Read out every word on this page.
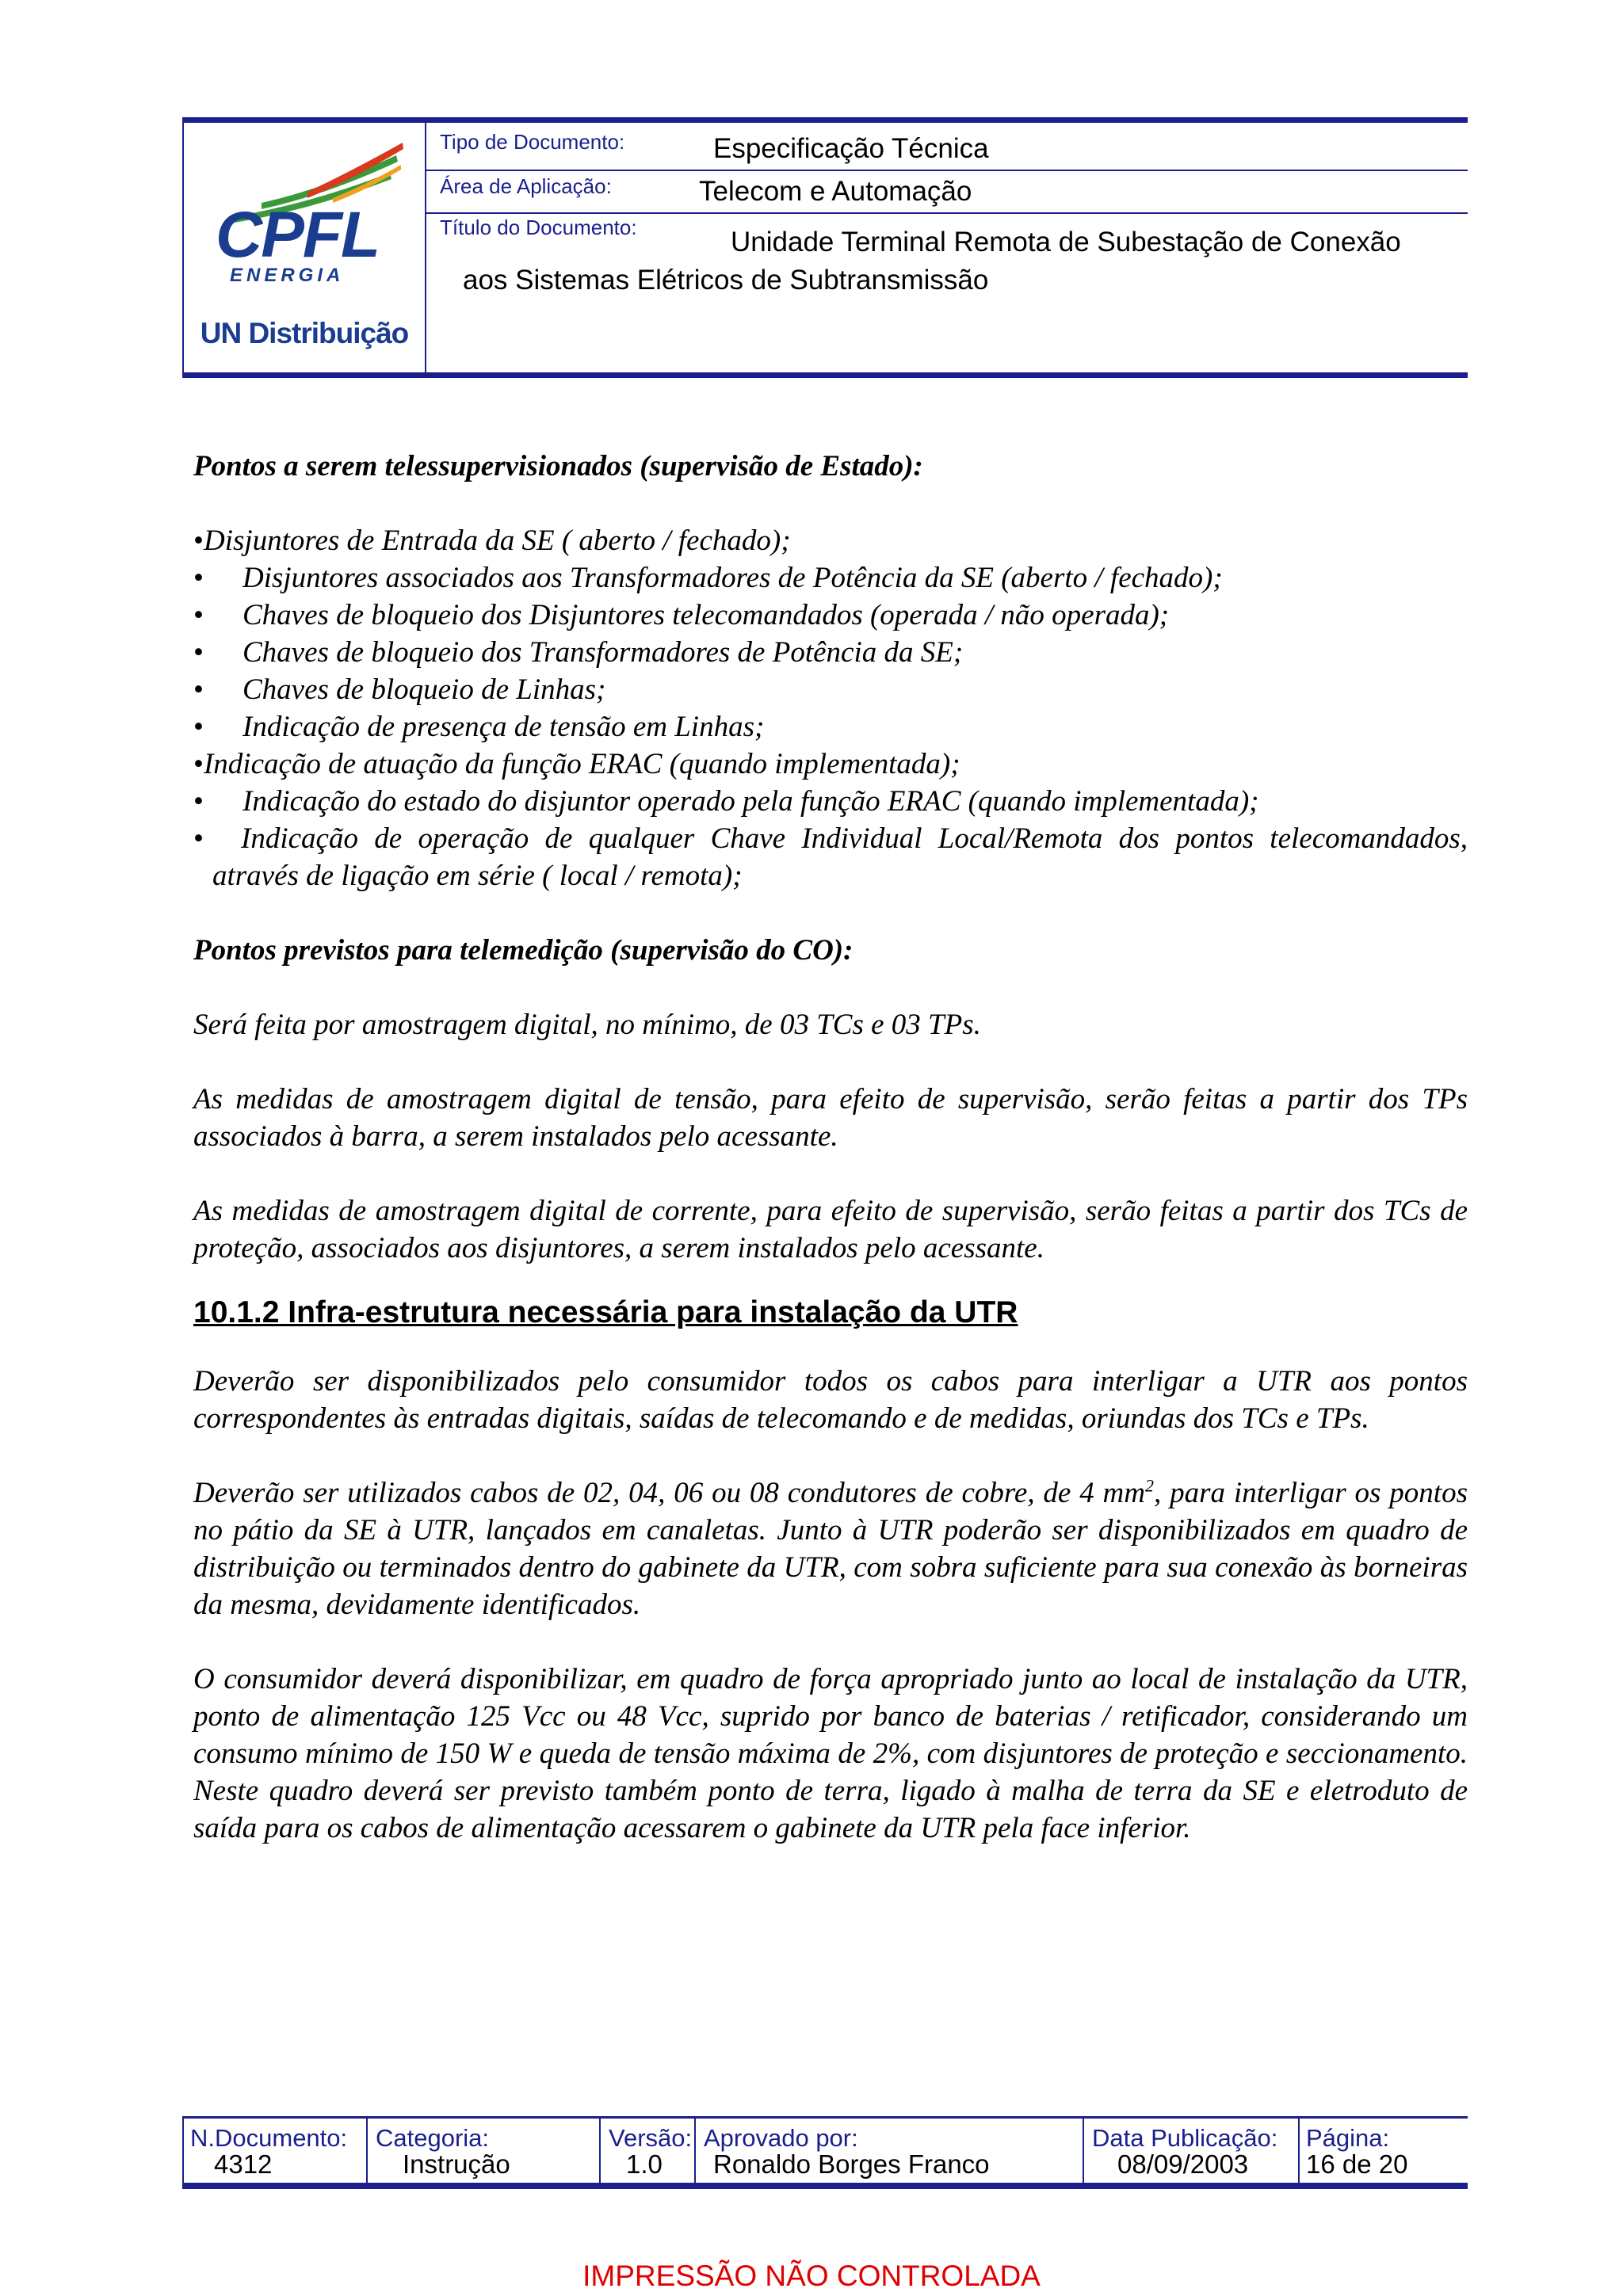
CPFL
ENERGIA
UN Distribuição
Tipo de Documento:	Especificação Técnica
Área de Aplicação:	Telecom e Automação
Título do Documento:	Unidade Terminal Remota de Subestação de Conexão
aos Sistemas Elétricos de Subtransmissão

Pontos a serem telessupervisionados (supervisão de Estado):

•Disjuntores de Entrada da SE ( aberto / fechado);
• Disjuntores associados aos Transformadores de Potência da SE (aberto / fechado);
• Chaves de bloqueio dos Disjuntores telecomandados (operada / não operada);
• Chaves de bloqueio dos Transformadores de Potência da SE;
• Chaves de bloqueio de Linhas;
• Indicação de presença de tensão em Linhas;
•Indicação de atuação da função ERAC (quando implementada);
• Indicação do estado do disjuntor operado pela função ERAC (quando implementada);
• Indicação de operação de qualquer Chave Individual Local/Remota dos pontos telecomandados, através de ligação em série ( local / remota);

Pontos previstos para telemedição (supervisão do CO):

Será feita por amostragem digital, no mínimo, de 03 TCs e 03 TPs.

As medidas de amostragem digital de tensão, para efeito de supervisão, serão feitas a partir dos TPs associados à barra, a serem instalados pelo acessante.

As medidas de amostragem digital de corrente, para efeito de supervisão, serão feitas a partir dos TCs de proteção, associados aos disjuntores, a serem instalados pelo acessante.

10.1.2 Infra-estrutura necessária para instalação da UTR

Deverão ser disponibilizados pelo consumidor todos os cabos para interligar a UTR aos pontos correspondentes às entradas digitais, saídas de telecomando e de medidas, oriundas dos TCs e TPs.

Deverão ser utilizados cabos de 02, 04, 06 ou 08 condutores de cobre, de 4 $mm^2$, para interligar os pontos no pátio da SE à UTR, lançados em canaletas. Junto à UTR poderão ser disponibilizados em quadro de distribuição ou terminados dentro do gabinete da UTR, com sobra suficiente para sua conexão às borneiras da mesma, devidamente identificados.

O consumidor deverá disponibilizar, em quadro de força apropriado junto ao local de instalação da UTR, ponto de alimentação 125 Vcc ou 48 Vcc, suprido por banco de baterias / retificador, considerando um consumo mínimo de 150 W e queda de tensão máxima de 2%, com disjuntores de proteção e seccionamento. Neste quadro deverá ser previsto também ponto de terra, ligado à malha de terra da SE e eletroduto de saída para os cabos de alimentação acessarem o gabinete da UTR pela face inferior.

N.Documento:
4312
Categoria:
Instrução
Versão:
1.0
Aprovado por:
Ronaldo Borges Franco
Data Publicação:
08/09/2003
Página:
16 de 20
IMPRESSÃO NÃO CONTROLADA
